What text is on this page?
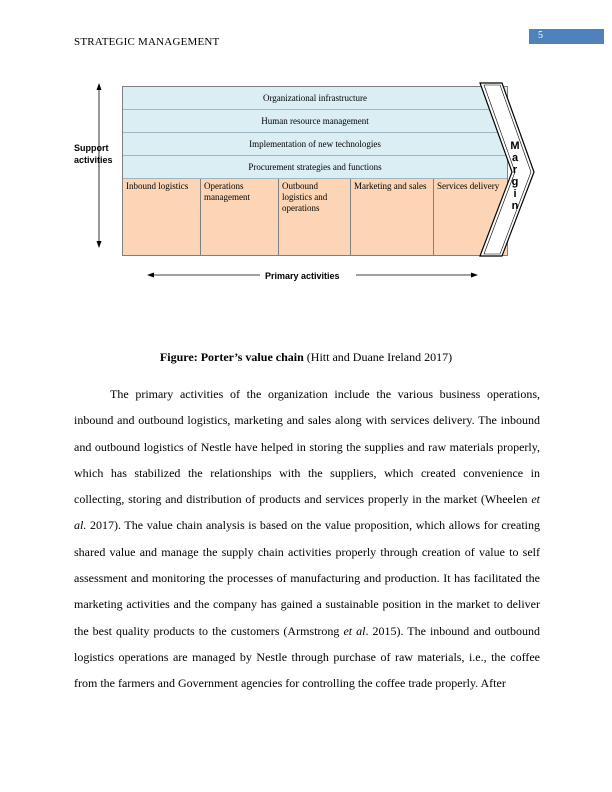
STRATEGIC MANAGEMENT
5
Support
activities
Organizational infrastructure
Human resource management
Implementation of new technologies
Procurement strategies and functions
Inbound logistics	Operations management
Outbound logistics and operations
Marketing and sales	Services delivery
M
a
r
g
i
n
Primary activities
Figure: Porter’s value chain (Hitt and Duane Ireland 2017)

The primary activities of the organization include the various business operations, inbound and outbound logistics, marketing and sales along with services delivery. The inbound and outbound logistics of Nestle have helped in storing the supplies and raw materials properly, which has stabilized the relationships with the suppliers, which created convenience in collecting, storing and distribution of products and services properly in the market (Wheelen et al. 2017). The value chain analysis is based on the value proposition, which allows for creating shared value and manage the supply chain activities properly through creation of value to self assessment and monitoring the processes of manufacturing and production. It has facilitated the marketing activities and the company has gained a sustainable position in the market to deliver the best quality products to the customers (Armstrong et al. 2015). The inbound and outbound logistics operations are managed by Nestle through purchase of raw materials, i.e., the coffee from the farmers and Government agencies for controlling the coffee trade properly. After
